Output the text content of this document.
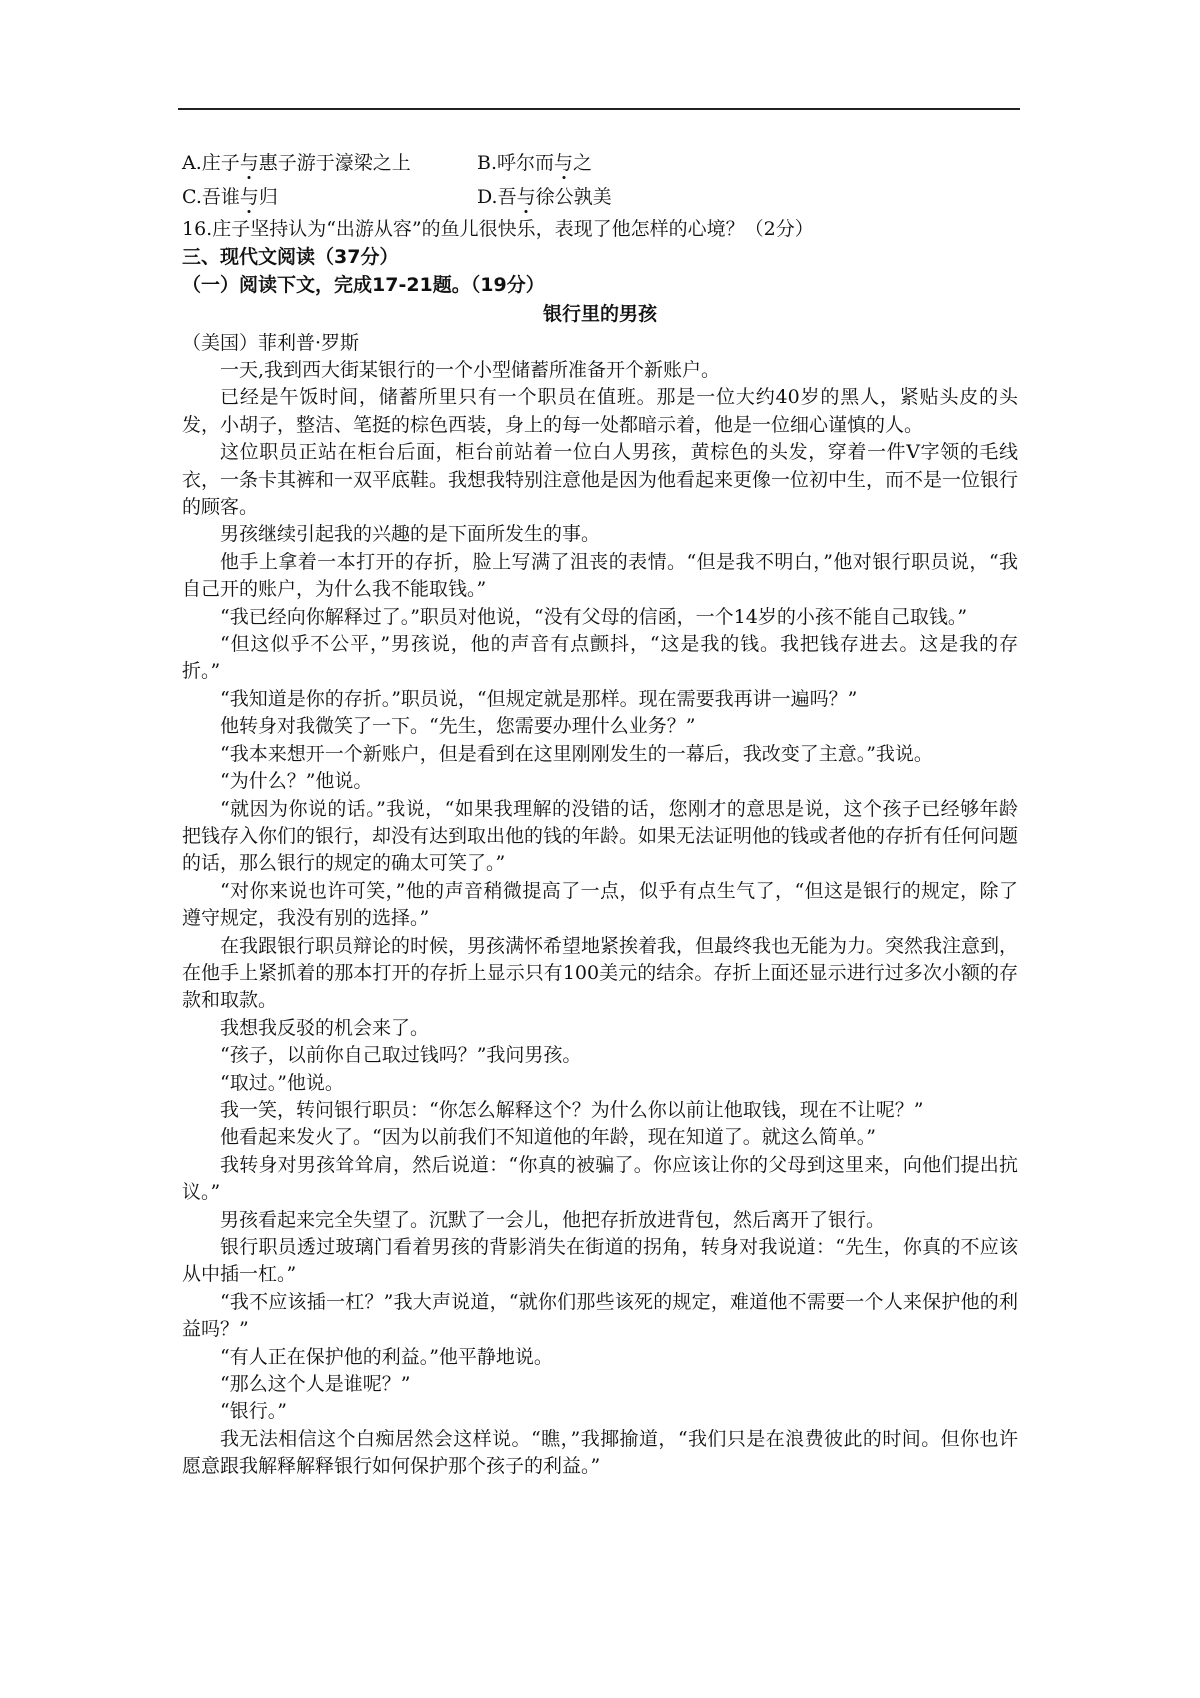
A.庄子与惠子游于濠梁之上	B.呼尔而与之
C.吾谁与归	D.吾与徐公孰美
16.庄子坚持认为“出游从容”的鱼儿很快乐，表现了他怎样的心境？（2分）
三、现代文阅读（37分）
（一）阅读下文，完成17-21题。（19分）
银行里的男孩
（美国）菲利普·罗斯

一天,我到西大街某银行的一个小型储蓄所准备开个新账户。

已经是午饭时间，储蓄所里只有一个职员在值班。那是一位大约40岁的黑人，紧贴头皮的头发，小胡子，整洁、笔挺的棕色西装，身上的每一处都暗示着，他是一位细心谨慎的人。

这位职员正站在柜台后面，柜台前站着一位白人男孩，黄棕色的头发，穿着一件V字领的毛线衣，一条卡其裤和一双平底鞋。我想我特别注意他是因为他看起来更像一位初中生，而不是一位银行的顾客。

男孩继续引起我的兴趣的是下面所发生的事。

他手上拿着一本打开的存折，脸上写满了沮丧的表情。“但是我不明白，”他对银行职员说，“我自己开的账户，为什么我不能取钱。”

“我已经向你解释过了。”职员对他说，“没有父母的信函，一个14岁的小孩不能自己取钱。”

“但这似乎不公平，”男孩说，他的声音有点颤抖，“这是我的钱。我把钱存进去。这是我的存折。”

“我知道是你的存折。”职员说，“但规定就是那样。现在需要我再讲一遍吗？”

他转身对我微笑了一下。“先生，您需要办理什么业务？”

“我本来想开一个新账户，但是看到在这里刚刚发生的一幕后，我改变了主意。”我说。

“为什么？”他说。

“就因为你说的话。”我说，“如果我理解的没错的话，您刚才的意思是说，这个孩子已经够年龄把钱存入你们的银行，却没有达到取出他的钱的年龄。如果无法证明他的钱或者他的存折有任何问题的话，那么银行的规定的确太可笑了。”

“对你来说也许可笑，”他的声音稍微提高了一点，似乎有点生气了，“但这是银行的规定，除了遵守规定，我没有别的选择。”

在我跟银行职员辩论的时候，男孩满怀希望地紧挨着我，但最终我也无能为力。突然我注意到，在他手上紧抓着的那本打开的存折上显示只有100美元的结余。存折上面还显示进行过多次小额的存款和取款。

我想我反驳的机会来了。

“孩子，以前你自己取过钱吗？”我问男孩。

“取过。”他说。

我一笑，转问银行职员：“你怎么解释这个？为什么你以前让他取钱，现在不让呢？”

他看起来发火了。“因为以前我们不知道他的年龄，现在知道了。就这么简单。”

我转身对男孩耸耸肩，然后说道：“你真的被骗了。你应该让你的父母到这里来，向他们提出抗议。”

男孩看起来完全失望了。沉默了一会儿，他把存折放进背包，然后离开了银行。

银行职员透过玻璃门看着男孩的背影消失在街道的拐角，转身对我说道：“先生，你真的不应该从中插一杠。”

“我不应该插一杠？”我大声说道，“就你们那些该死的规定，难道他不需要一个人来保护他的利益吗？”

“有人正在保护他的利益。”他平静地说。

“那么这个人是谁呢？”

“银行。”

我无法相信这个白痴居然会这样说。“瞧，”我揶揄道，“我们只是在浪费彼此的时间。但你也许愿意跟我解释解释银行如何保护那个孩子的利益。”
